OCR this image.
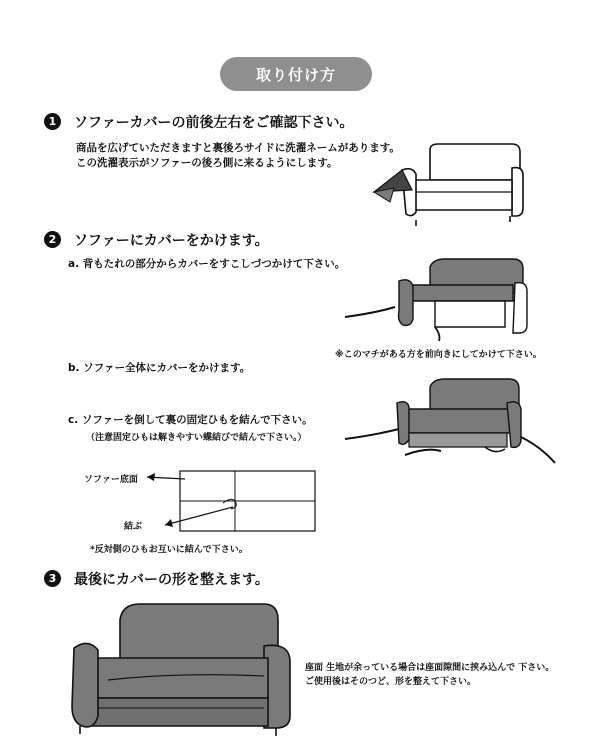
取り付け方
1	ソファーカバーの前後左右をご確認下さい。
商品を広げていただきますと裏後ろサイドに洗濯ネームがあります。
この洗濯表示がソファーの後ろ側に来るようにします。
2	ソファーにカバーをかけます。
a. 背もたれの部分からカバーをすこしづつかけて下さい。
※このマチがある方を前向きにしてかけて下さい。
b. ソファー全体にカバーをかけます。
c. ソファーを倒して裏の固定ひもを結んで下さい。
（注意固定ひもは解きやすい蝶結びで結んで下さい。）
ソファー底面
結ぶ
*反対側のひもお互いに結んで下さい。
3	最後にカバーの形を整えます。
座面 生地が余っている場合は座面隙間に挟み込んで 下さい。
ご使用後はそのつど、形を整えて下さい。
